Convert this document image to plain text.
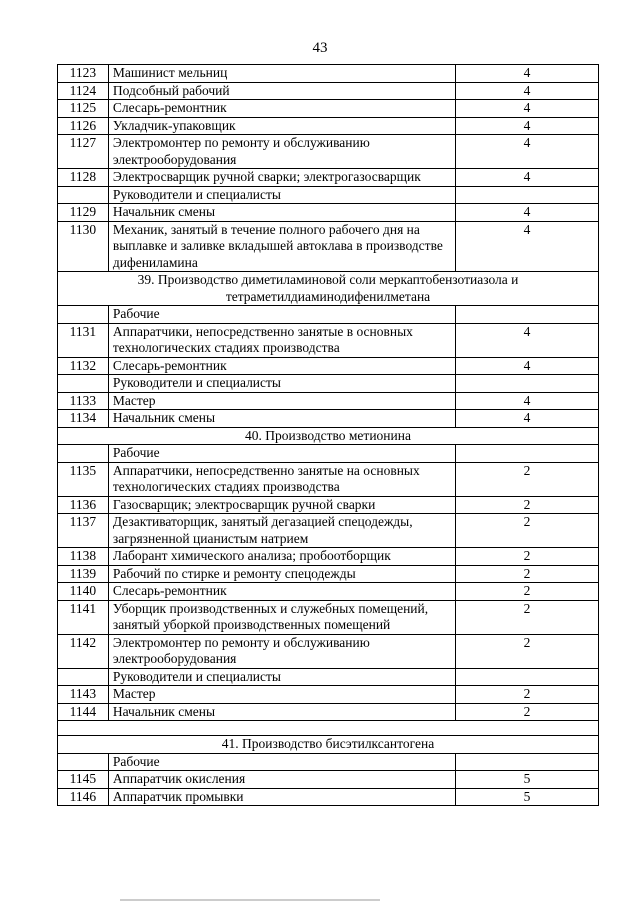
43
1123	Машинист мельниц	4
1124	Подсобный рабочий	4
1125	Слесарь-ремонтник	4
1126	Укладчик-упаковщик	4
1127	Электромонтер по ремонту и обслуживанию электрооборудования	4
1128	Электросварщик ручной сварки; электрогазосварщик	4
	Руководители и специалисты	
1129	Начальник смены	4
1130	Механик, занятый в течение полного рабочего дня на выплавке и заливке вкладышей автоклава в производстве дифениламина	4
39. Производство диметиламиновой соли меркаптобензотиазола и тетраметилдиаминодифенилметана		
	Рабочие	
1131	Аппаратчики, непосредственно занятые в основных технологических стадиях производства	4
1132	Слесарь-ремонтник	4
	Руководители и специалисты	
1133	Мастер	4
1134	Начальник смены	4
40. Производство метионина		
	Рабочие	
1135	Аппаратчики, непосредственно занятые на основных технологических стадиях производства	2
1136	Газосварщик; электросварщик ручной сварки	2
1137	Дезактиваторщик, занятый дегазацией спецодежды, загрязненной цианистым натрием	2
1138	Лаборант химического анализа; пробоотборщик	2
1139	Рабочий по стирке и ремонту спецодежды	2
1140	Слесарь-ремонтник	2
1141	Уборщик производственных и служебных помещений, занятый уборкой производственных помещений	2
1142	Электромонтер по ремонту и обслуживанию электрооборудования	2
	Руководители и специалисты	
1143	Мастер	2
1144	Начальник смены	2

41. Производство бисэтилксантогена		
	Рабочие	
1145	Аппаратчик окисления	5
1146	Аппаратчик промывки	5
